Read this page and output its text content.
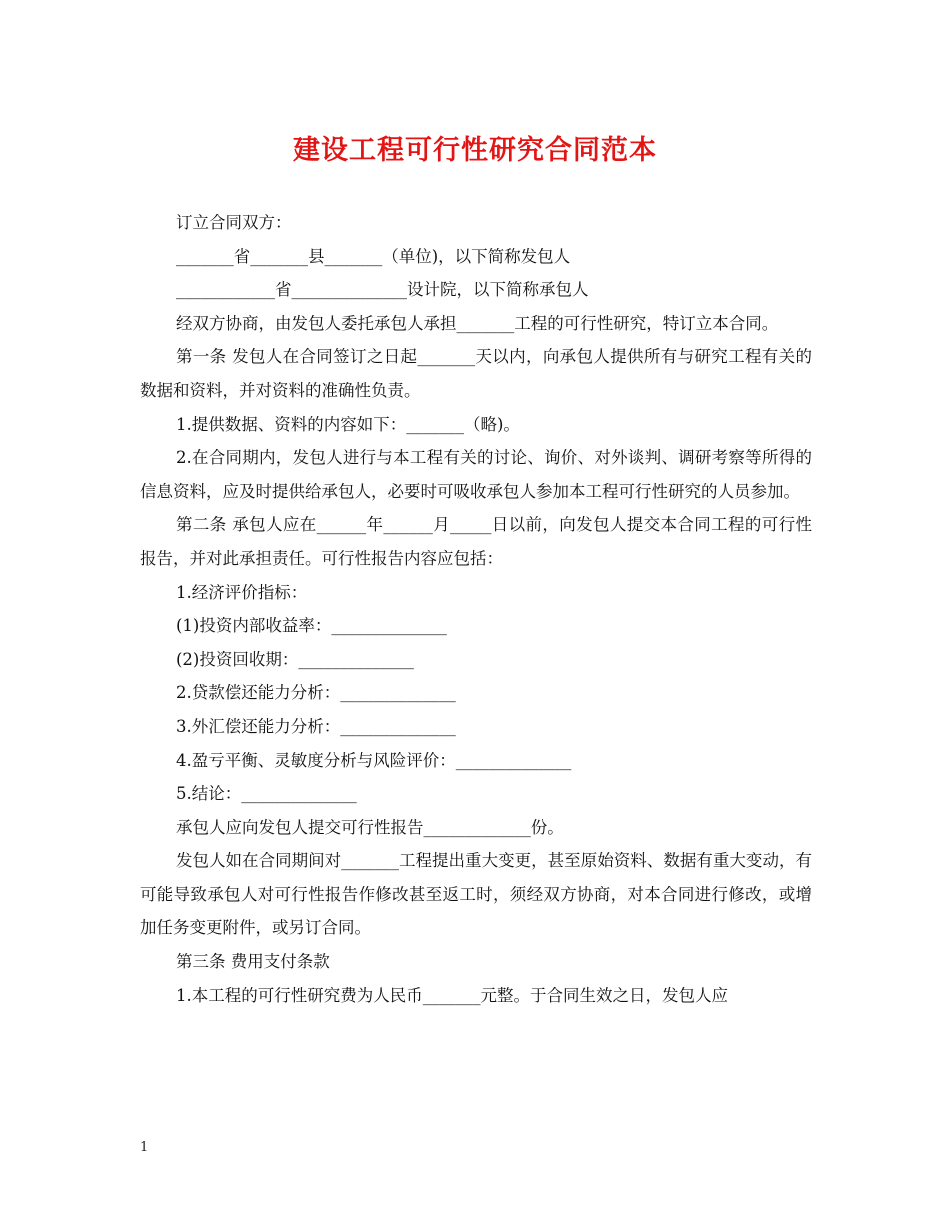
建设工程可行性研究合同范本

订立合同双方：

_______省_______县_______（单位)，以下简称发包人

____________省______________设计院，以下简称承包人

经双方协商，由发包人委托承包人承担_______工程的可行性研究，特订立本合同。

第一条 发包人在合同签订之日起_______天以内，向承包人提供所有与研究工程有关的数据和资料，并对资料的准确性负责。

1.提供数据、资料的内容如下：_______（略)。

2.在合同期内，发包人进行与本工程有关的讨论、询价、对外谈判、调研考察等所得的信息资料，应及时提供给承包人，必要时可吸收承包人参加本工程可行性研究的人员参加。

第二条 承包人应在______年______月_____日以前，向发包人提交本合同工程的可行性报告，并对此承担责任。可行性报告内容应包括：

1.经济评价指标：

(1)投资内部收益率：______________

(2)投资回收期：______________

2.贷款偿还能力分析：______________

3.外汇偿还能力分析：______________

4.盈亏平衡、灵敏度分析与风险评价：______________

5.结论：______________

承包人应向发包人提交可行性报告_____________份。

发包人如在合同期间对_______工程提出重大变更，甚至原始资料、数据有重大变动，有可能导致承包人对可行性报告作修改甚至返工时，须经双方协商，对本合同进行修改，或增加任务变更附件，或另订合同。

第三条 费用支付条款

1.本工程的可行性研究费为人民币_______元整。于合同生效之日，发包人应

1
